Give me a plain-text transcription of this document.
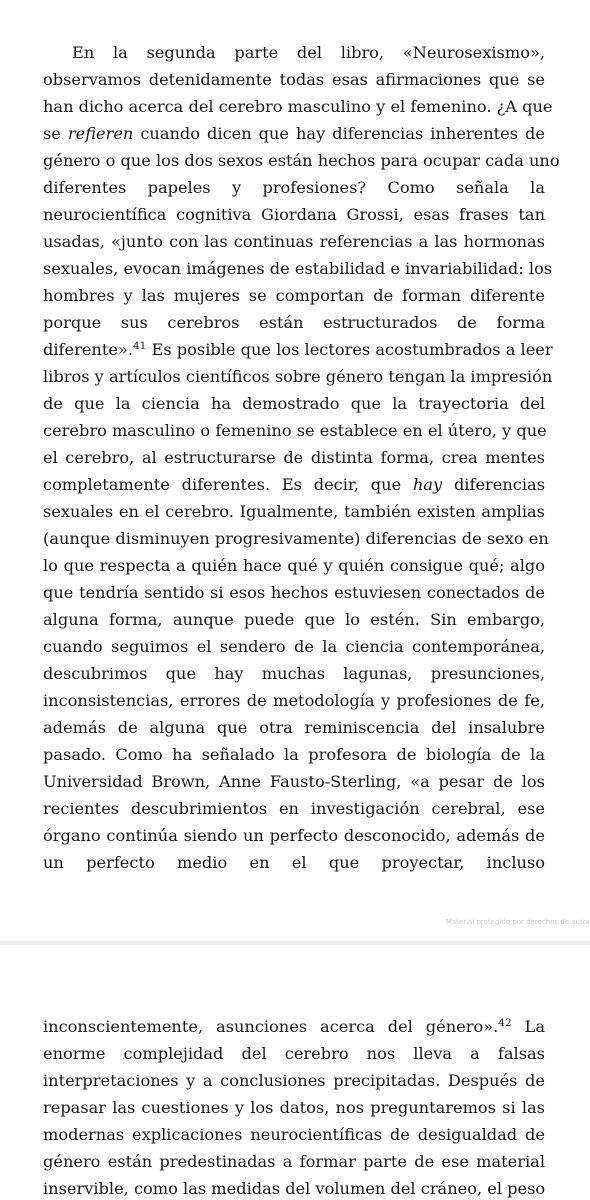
En la segunda parte del libro, «Neurosexismo»,
observamos detenidamente todas esas afirmaciones que se
han dicho acerca del cerebro masculino y el femenino. ¿A que
se refieren cuando dicen que hay diferencias inherentes de
género o que los dos sexos están hechos para ocupar cada uno
diferentes papeles y profesiones? Como señala la
neurocientífica cognitiva Giordana Grossi, esas frases tan
usadas, «junto con las continuas referencias a las hormonas
sexuales, evocan imágenes de estabilidad e invariabilidad: los
hombres y las mujeres se comportan de forman diferente
porque sus cerebros están estructurados de forma
diferente».$^{41}$ Es posible que los lectores acostumbrados a leer
libros y artículos científicos sobre género tengan la impresión
de que la ciencia ha demostrado que la trayectoria del
cerebro masculino o femenino se establece en el útero, y que
el cerebro, al estructurarse de distinta forma, crea mentes
completamente diferentes. Es decir, que hay diferencias
sexuales en el cerebro. Igualmente, también existen amplias
(aunque disminuyen progresivamente) diferencias de sexo en
lo que respecta a quién hace qué y quién consigue qué; algo
que tendría sentido si esos hechos estuviesen conectados de
alguna forma, aunque puede que lo estén. Sin embargo,
cuando seguimos el sendero de la ciencia contemporánea,
descubrimos que hay muchas lagunas, presunciones,
inconsistencias, errores de metodología y profesiones de fe,
además de alguna que otra reminiscencia del insalubre
pasado. Como ha señalado la profesora de biología de la
Universidad Brown, Anne Fausto-Sterling, «a pesar de los
recientes descubrimientos en investigación cerebral, ese
órgano continúa siendo un perfecto desconocido, además de
un perfecto medio en el que proyectar, incluso
Material protegido por derechos de autor
inconscientemente, asunciones acerca del género».$^{42}$ La
enorme complejidad del cerebro nos lleva a falsas
interpretaciones y a conclusiones precipitadas. Después de
repasar las cuestiones y los datos, nos preguntaremos si las
modernas explicaciones neurocientíficas de desigualdad de
género están predestinadas a formar parte de ese material
inservible, como las medidas del volumen del cráneo, el peso
